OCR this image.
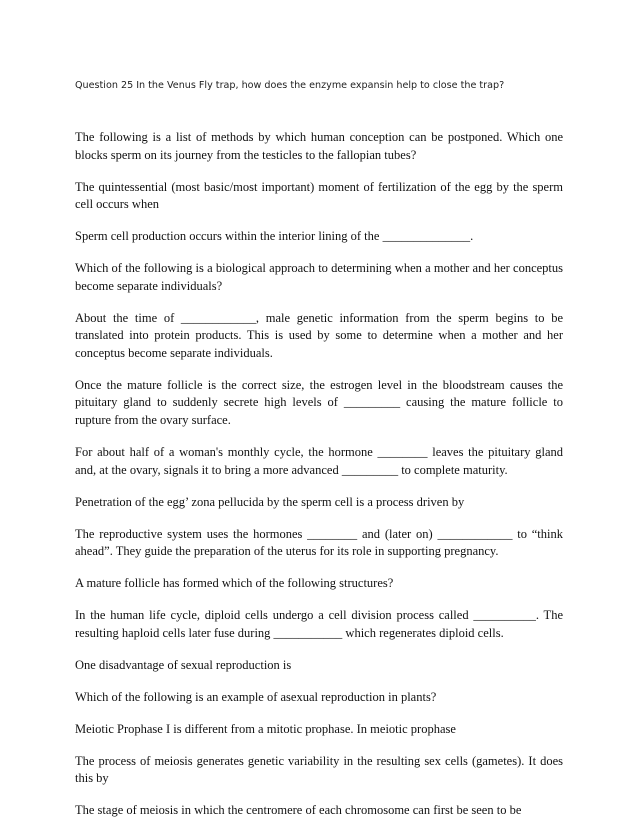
Question 25 In the Venus Fly trap, how does the enzyme expansin help to close the trap?

The following is a list of methods by which human conception can be postponed. Which one blocks sperm on its journey from the testicles to the fallopian tubes?
The quintessential (most basic/most important) moment of fertilization of the egg by the sperm cell occurs when
Sperm cell production occurs within the interior lining of the ______________.
Which of the following is a biological approach to determining when a mother and her conceptus become separate individuals?
About the time of ____________, male genetic information from the sperm begins to be translated into protein products. This is used by some to determine when a mother and her conceptus become separate individuals.
Once the mature follicle is the correct size, the estrogen level in the bloodstream causes the pituitary gland to suddenly secrete high levels of _________ causing the mature follicle to rupture from the ovary surface.
For about half of a woman's monthly cycle, the hormone ________ leaves the pituitary gland and, at the ovary, signals it to bring a more advanced _________ to complete maturity.
Penetration of the egg’ zona pellucida by the sperm cell is a process driven by
The reproductive system uses the hormones ________ and (later on) ____________ to “think ahead”. They guide the preparation of the uterus for its role in supporting pregnancy.
A mature follicle has formed which of the following structures?
In the human life cycle, diploid cells undergo a cell division process called __________. The resulting haploid cells later fuse during ___________ which regenerates diploid cells.
One disadvantage of sexual reproduction is
Which of the following is an example of asexual reproduction in plants?
Meiotic Prophase I is different from a mitotic prophase. In meiotic prophase
The process of meiosis generates genetic variability in the resulting sex cells (gametes). It does this by
The stage of meiosis in which the centromere of each chromosome can first be seen to be
